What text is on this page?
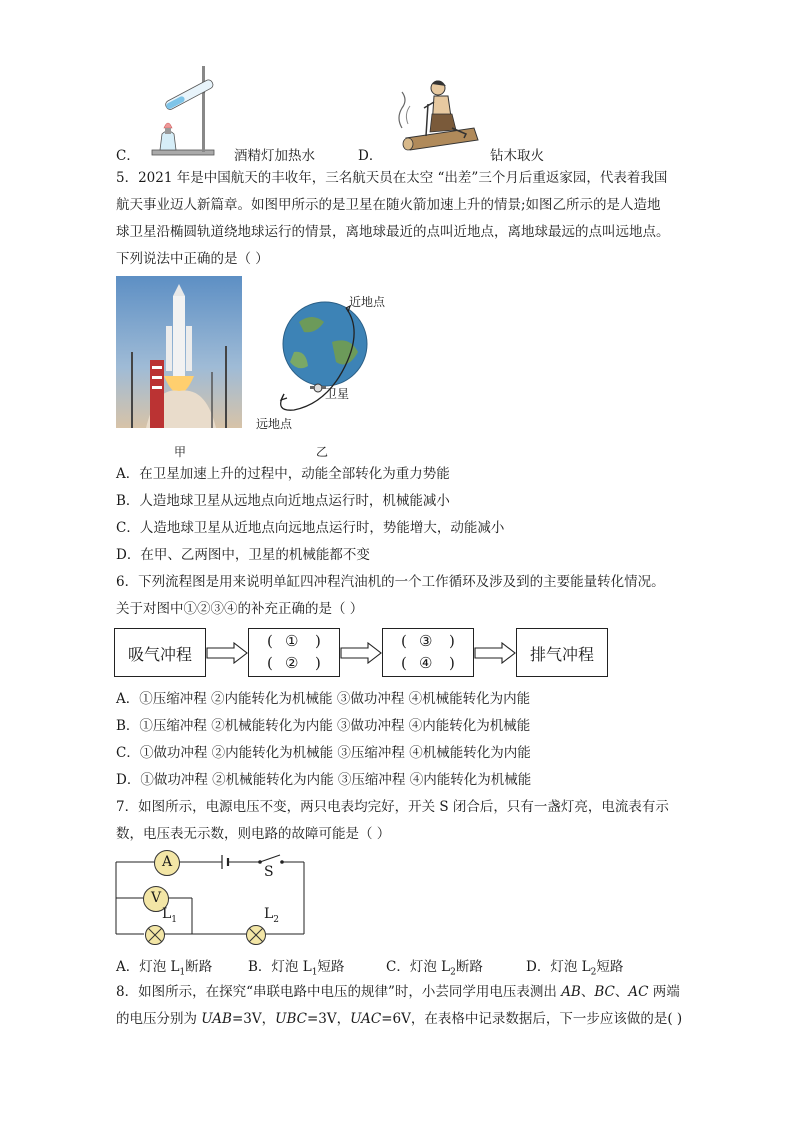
C．	酒精灯加热水	D．	钻木取火
5．2021 年是中国航天的丰收年，三名航天员在太空 “出差”三个月后重返家园，代表着我国
航天事业迈人新篇章。如图甲所示的是卫星在随火箭加速上升的情景;如图乙所示的是人造地
球卫星沿椭圆轨道绕地球运行的情景，离地球最近的点叫近地点，离地球最远的点叫远地点。
下列说法中正确的是（ ）
甲
近地点
卫星
远地点
乙
A．在卫星加速上升的过程中，动能全部转化为重力势能
B．人造地球卫星从远地点向近地点运行时，机械能减小
C．人造地球卫星从近地点向远地点运行时，势能增大，动能减小
D．在甲、乙两图中，卫星的机械能都不变
6．下列流程图是用来说明单缸四冲程汽油机的一个工作循环及涉及到的主要能量转化情况。
关于对图中①②③④的补充正确的是（ ）
吸气冲程
( ① )
( ② )
( ③ )
( ④ )	排气冲程
A．①压缩冲程 ②内能转化为机械能 ③做功冲程 ④机械能转化为内能
B．①压缩冲程 ②机械能转化为内能 ③做功冲程 ④内能转化为机械能
C．①做功冲程 ②内能转化为机械能 ③压缩冲程 ④机械能转化为内能
D．①做功冲程 ②机械能转化为内能 ③压缩冲程 ④内能转化为机械能
7．如图所示，电源电压不变，两只电表均完好，开关 S 闭合后，只有一盏灯亮，电流表有示
数，电压表无示数，则电路的故障可能是（ ）
A
S
V
$L_1$	$L_2$
A．灯泡 $L_1$断路	B．灯泡 $L_1$短路	C．灯泡 $L_2$断路	D．灯泡 $L_2$短路
8．如图所示，在探究“串联电路中电压的规律”时，小芸同学用电压表测出 AB、BC、AC 两端
的电压分别为 UAB=3V，UBC=3V，UAC=6V，在表格中记录数据后，下一步应该做的是( )
